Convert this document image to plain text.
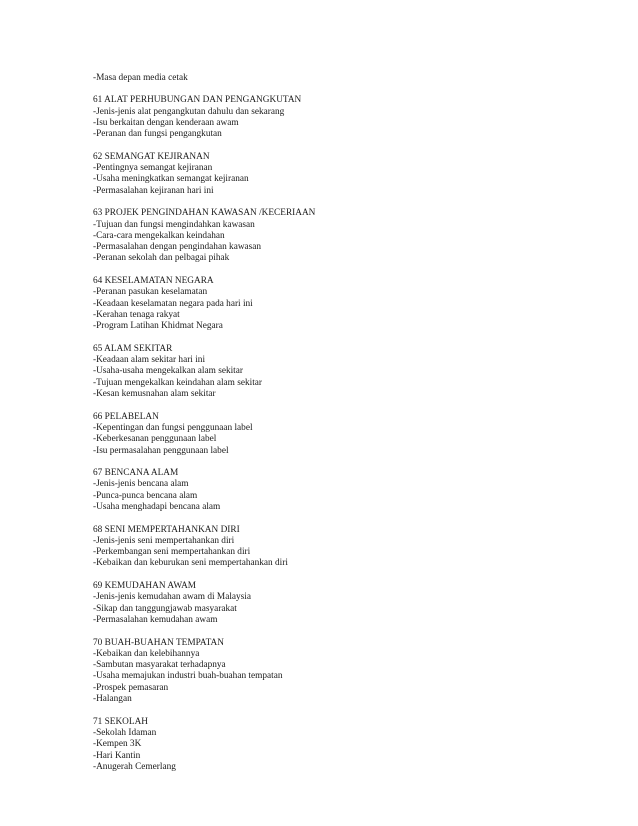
-Masa depan media cetak
61 ALAT PERHUBUNGAN DAN PENGANGKUTAN
-Jenis-jenis alat pengangkutan dahulu dan sekarang
-Isu berkaitan dengan kenderaan awam
-Peranan dan fungsi pengangkutan
62 SEMANGAT KEJIRANAN
-Pentingnya semangat kejiranan
-Usaha meningkatkan semangat kejiranan
-Permasalahan kejiranan hari ini
63 PROJEK PENGINDAHAN KAWASAN /KECERIAAN
-Tujuan dan fungsi mengindahkan kawasan
-Cara-cara mengekalkan keindahan
-Permasalahan dengan pengindahan kawasan
-Peranan sekolah dan pelbagai pihak
64 KESELAMATAN NEGARA
-Peranan pasukan keselamatan
-Keadaan keselamatan negara pada hari ini
-Kerahan tenaga rakyat
-Program Latihan Khidmat Negara
65 ALAM SEKITAR
-Keadaan alam sekitar hari ini
-Usaha-usaha mengekalkan alam sekitar
-Tujuan mengekalkan keindahan alam sekitar
-Kesan kemusnahan alam sekitar
66 PELABELAN
-Kepentingan dan fungsi penggunaan label
-Keberkesanan penggunaan label
-Isu permasalahan penggunaan label
67 BENCANA ALAM
-Jenis-jenis bencana alam
-Punca-punca bencana alam
-Usaha menghadapi bencana alam
68 SENI MEMPERTAHANKAN DIRI
-Jenis-jenis seni mempertahankan diri
-Perkembangan seni mempertahankan diri
-Kebaikan dan keburukan seni mempertahankan diri
69 KEMUDAHAN AWAM
-Jenis-jenis kemudahan awam di Malaysia
-Sikap dan tanggungjawab masyarakat
-Permasalahan kemudahan awam
70 BUAH-BUAHAN TEMPATAN
-Kebaikan dan kelebihannya
-Sambutan masyarakat terhadapnya
-Usaha memajukan industri buah-buahan tempatan
-Prospek pemasaran
-Halangan
71 SEKOLAH
-Sekolah Idaman
-Kempen 3K
-Hari Kantin
-Anugerah Cemerlang
